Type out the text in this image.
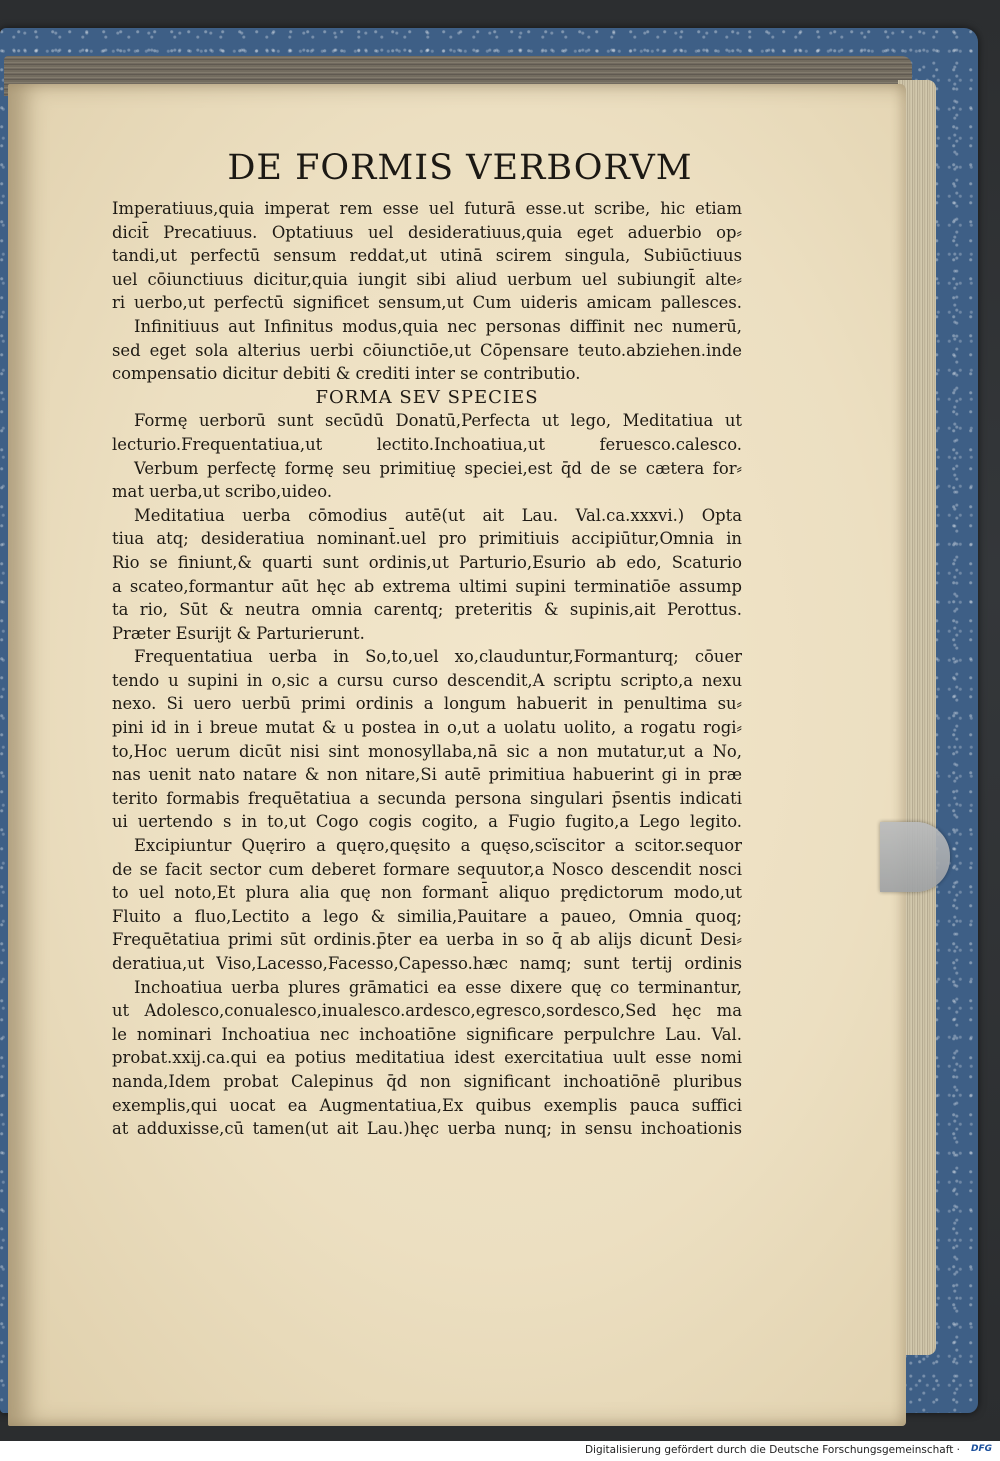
DE FORMIS VERBORVM
Imperatiuus,quia imperat rem esse uel futurā esse.ut scribe, hic etiam
dicit̄ Precatiuus. Optatiuus uel desideratiuus,quia eget aduerbio op⸗
tandi,ut perfectū sensum reddat,ut utinā scirem singula, Subiūctiuus
uel cōiunctiuus dicitur,quia iungit sibi aliud uerbum uel subiungit̄ alte⸗
ri uerbo,ut perfectū significet sensum,ut Cum uideris amicam pallesces.
Infinitiuus aut Infinitus modus,quia nec personas diffinit nec numerū,
sed eget sola alterius uerbi cōiunctiōe,ut Cōpensare teuto.abziehen.inde
compensatio dicitur debiti & crediti inter se contributio.
FORMA SEV SPECIES
Formę uerborū sunt secūdū Donatū,Perfecta ut lego, Meditatiua ut
lecturio.Frequentatiua,ut lectito.Inchoatiua,ut feruesco.calesco.
Verbum perfectę formę seu primitiuę speciei,est q̄d de se cætera for⸗
mat uerba,ut scribo,uideo.
Meditatiua uerba cōmodius autē(ut ait Lau. Val.ca.xxxvi.) Opta
tiua atq; desideratiua nominant̄.uel pro primitiuis accipiūtur,Omnia in
Rio se finiunt,& quarti sunt ordinis,ut Parturio,Esurio ab edo, Scaturio
a scateo,formantur aūt hęc ab extrema ultimi supini terminatiōe assump
ta rio, Sūt & neutra omnia carentq; preteritis & supinis,ait Perottus.
Præter Esurijt & Parturierunt.
Frequentatiua uerba in So,to,uel xo,clauduntur,Formanturq; cōuer
tendo u supini in o,sic a cursu curso descendit,A scriptu scripto,a nexu
nexo. Si uero uerbū primi ordinis a longum habuerit in penultima su⸗
pini id in i breue mutat & u postea in o,ut a uolatu uolito, a rogatu rogi⸗
to,Hoc uerum dicūt nisi sint monosyllaba,nā sic a non mutatur,ut a No,
nas uenit nato natare & non nitare,Si autē primitiua habuerint gi in præ
terito formabis frequētatiua a secunda persona singulari p̄sentis indicati
ui uertendo s in to,ut Cogo cogis cogito, a Fugio fugito,a Lego legito.
Excipiuntur Quęriro a quęro,quęsito a quęso,scïscitor a scitor.sequor
de se facit sector cum deberet formare sequutor,a Nosco descendit nosci
to uel noto,Et plura alia quę non formant̄ aliquo prędictorum modo,ut
Fluito a fluo,Lectito a lego & similia,Pauitare a paueo, Omnia quoq;
Frequētatiua primi sūt ordinis.p̄ter ea uerba in so q̄ ab alijs dicunt̄ Desi⸗
deratiua,ut Viso,Lacesso,Facesso,Capesso.hæc namq; sunt tertij ordinis
Inchoatiua uerba plures grāmatici ea esse dixere quę co terminantur,
ut Adolesco,conualesco,inualesco.ardesco,egresco,sordesco,Sed hęc ma
le nominari Inchoatiua nec inchoatiōne significare perpulchre Lau. Val.
probat.xxij.ca.qui ea potius meditatiua idest exercitatiua uult esse nomi
nanda,Idem probat Calepinus q̄d non significant inchoatiōnē pluribus
exemplis,qui uocat ea Augmentatiua,Ex quibus exemplis pauca suffici
at adduxisse,cū tamen(ut ait Lau.)hęc uerba nunq; in sensu inchoationis
Digitalisierung gefördert durch die Deutsche Forschungsgemeinschaft · DFG
